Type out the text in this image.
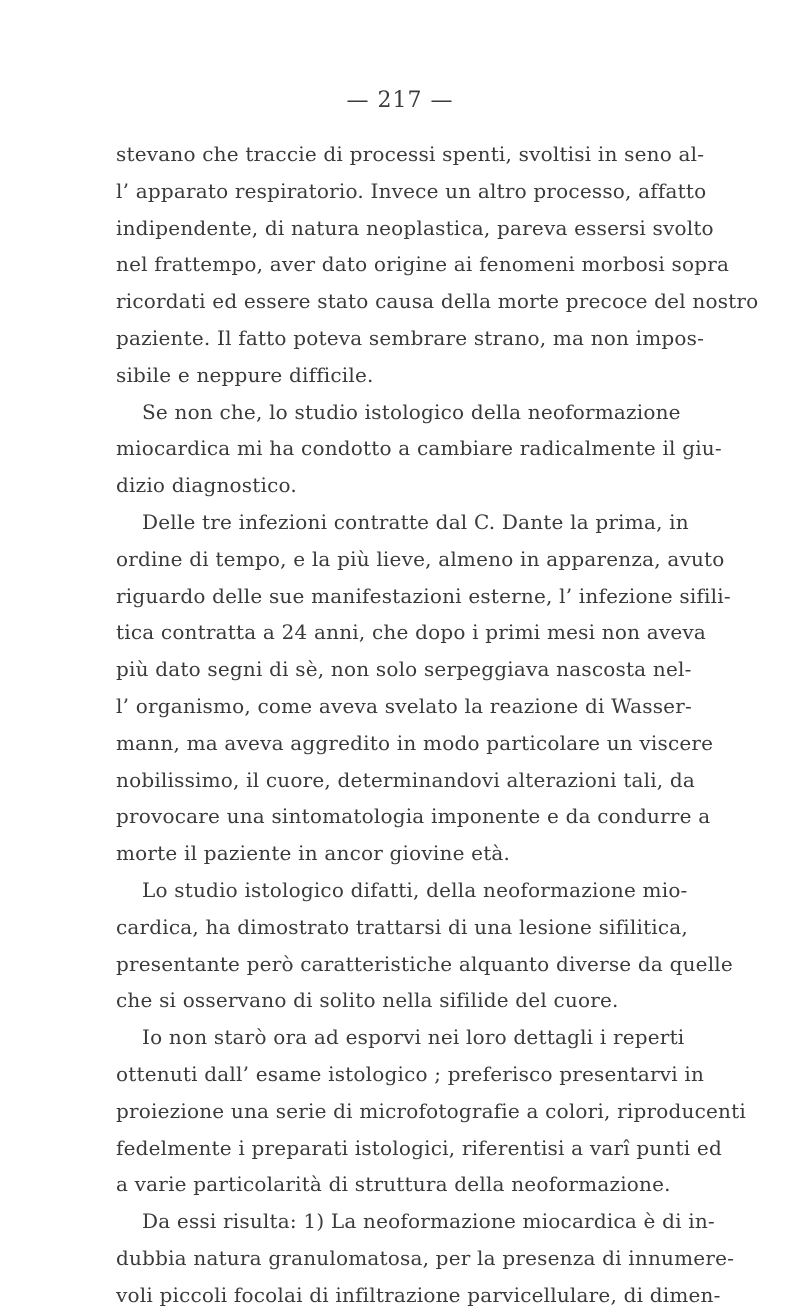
— 217 —
stevano che traccie di processi spenti, svoltisi in seno al-
l’ apparato respiratorio. Invece un altro processo, affatto
indipendente, di natura neoplastica, pareva essersi svolto
nel frattempo, aver dato origine ai fenomeni morbosi sopra
ricordati ed essere stato causa della morte precoce del nostro
paziente. Il fatto poteva sembrare strano, ma non impos-
sibile e neppure difficile.
Se non che, lo studio istologico della neoformazione
miocardica mi ha condotto a cambiare radicalmente il giu-
dizio diagnostico.
Delle tre infezioni contratte dal C. Dante la prima, in
ordine di tempo, e la più lieve, almeno in apparenza, avuto
riguardo delle sue manifestazioni esterne, l’ infezione sifili-
tica contratta a 24 anni, che dopo i primi mesi non aveva
più dato segni di sè, non solo serpeggiava nascosta nel-
l’ organismo, come aveva svelato la reazione di Wasser-
mann, ma aveva aggredito in modo particolare un viscere
nobilissimo, il cuore, determinandovi alterazioni tali, da
provocare una sintomatologia imponente e da condurre a
morte il paziente in ancor giovine età.
Lo studio istologico difatti, della neoformazione mio-
cardica, ha dimostrato trattarsi di una lesione sifilitica,
presentante però caratteristiche alquanto diverse da quelle
che si osservano di solito nella sifilide del cuore.
Io non starò ora ad esporvi nei loro dettagli i reperti
ottenuti dall’ esame istologico ; preferisco presentarvi in
proiezione una serie di microfotografie a colori, riproducenti
fedelmente i preparati istologici, riferentisi a varî punti ed
a varie particolarità di struttura della neoformazione.
Da essi risulta: 1) La neoformazione miocardica è di in-
dubbia natura granulomatosa, per la presenza di innumere-
voli piccoli focolai di infiltrazione parvicellulare, di dimen-
